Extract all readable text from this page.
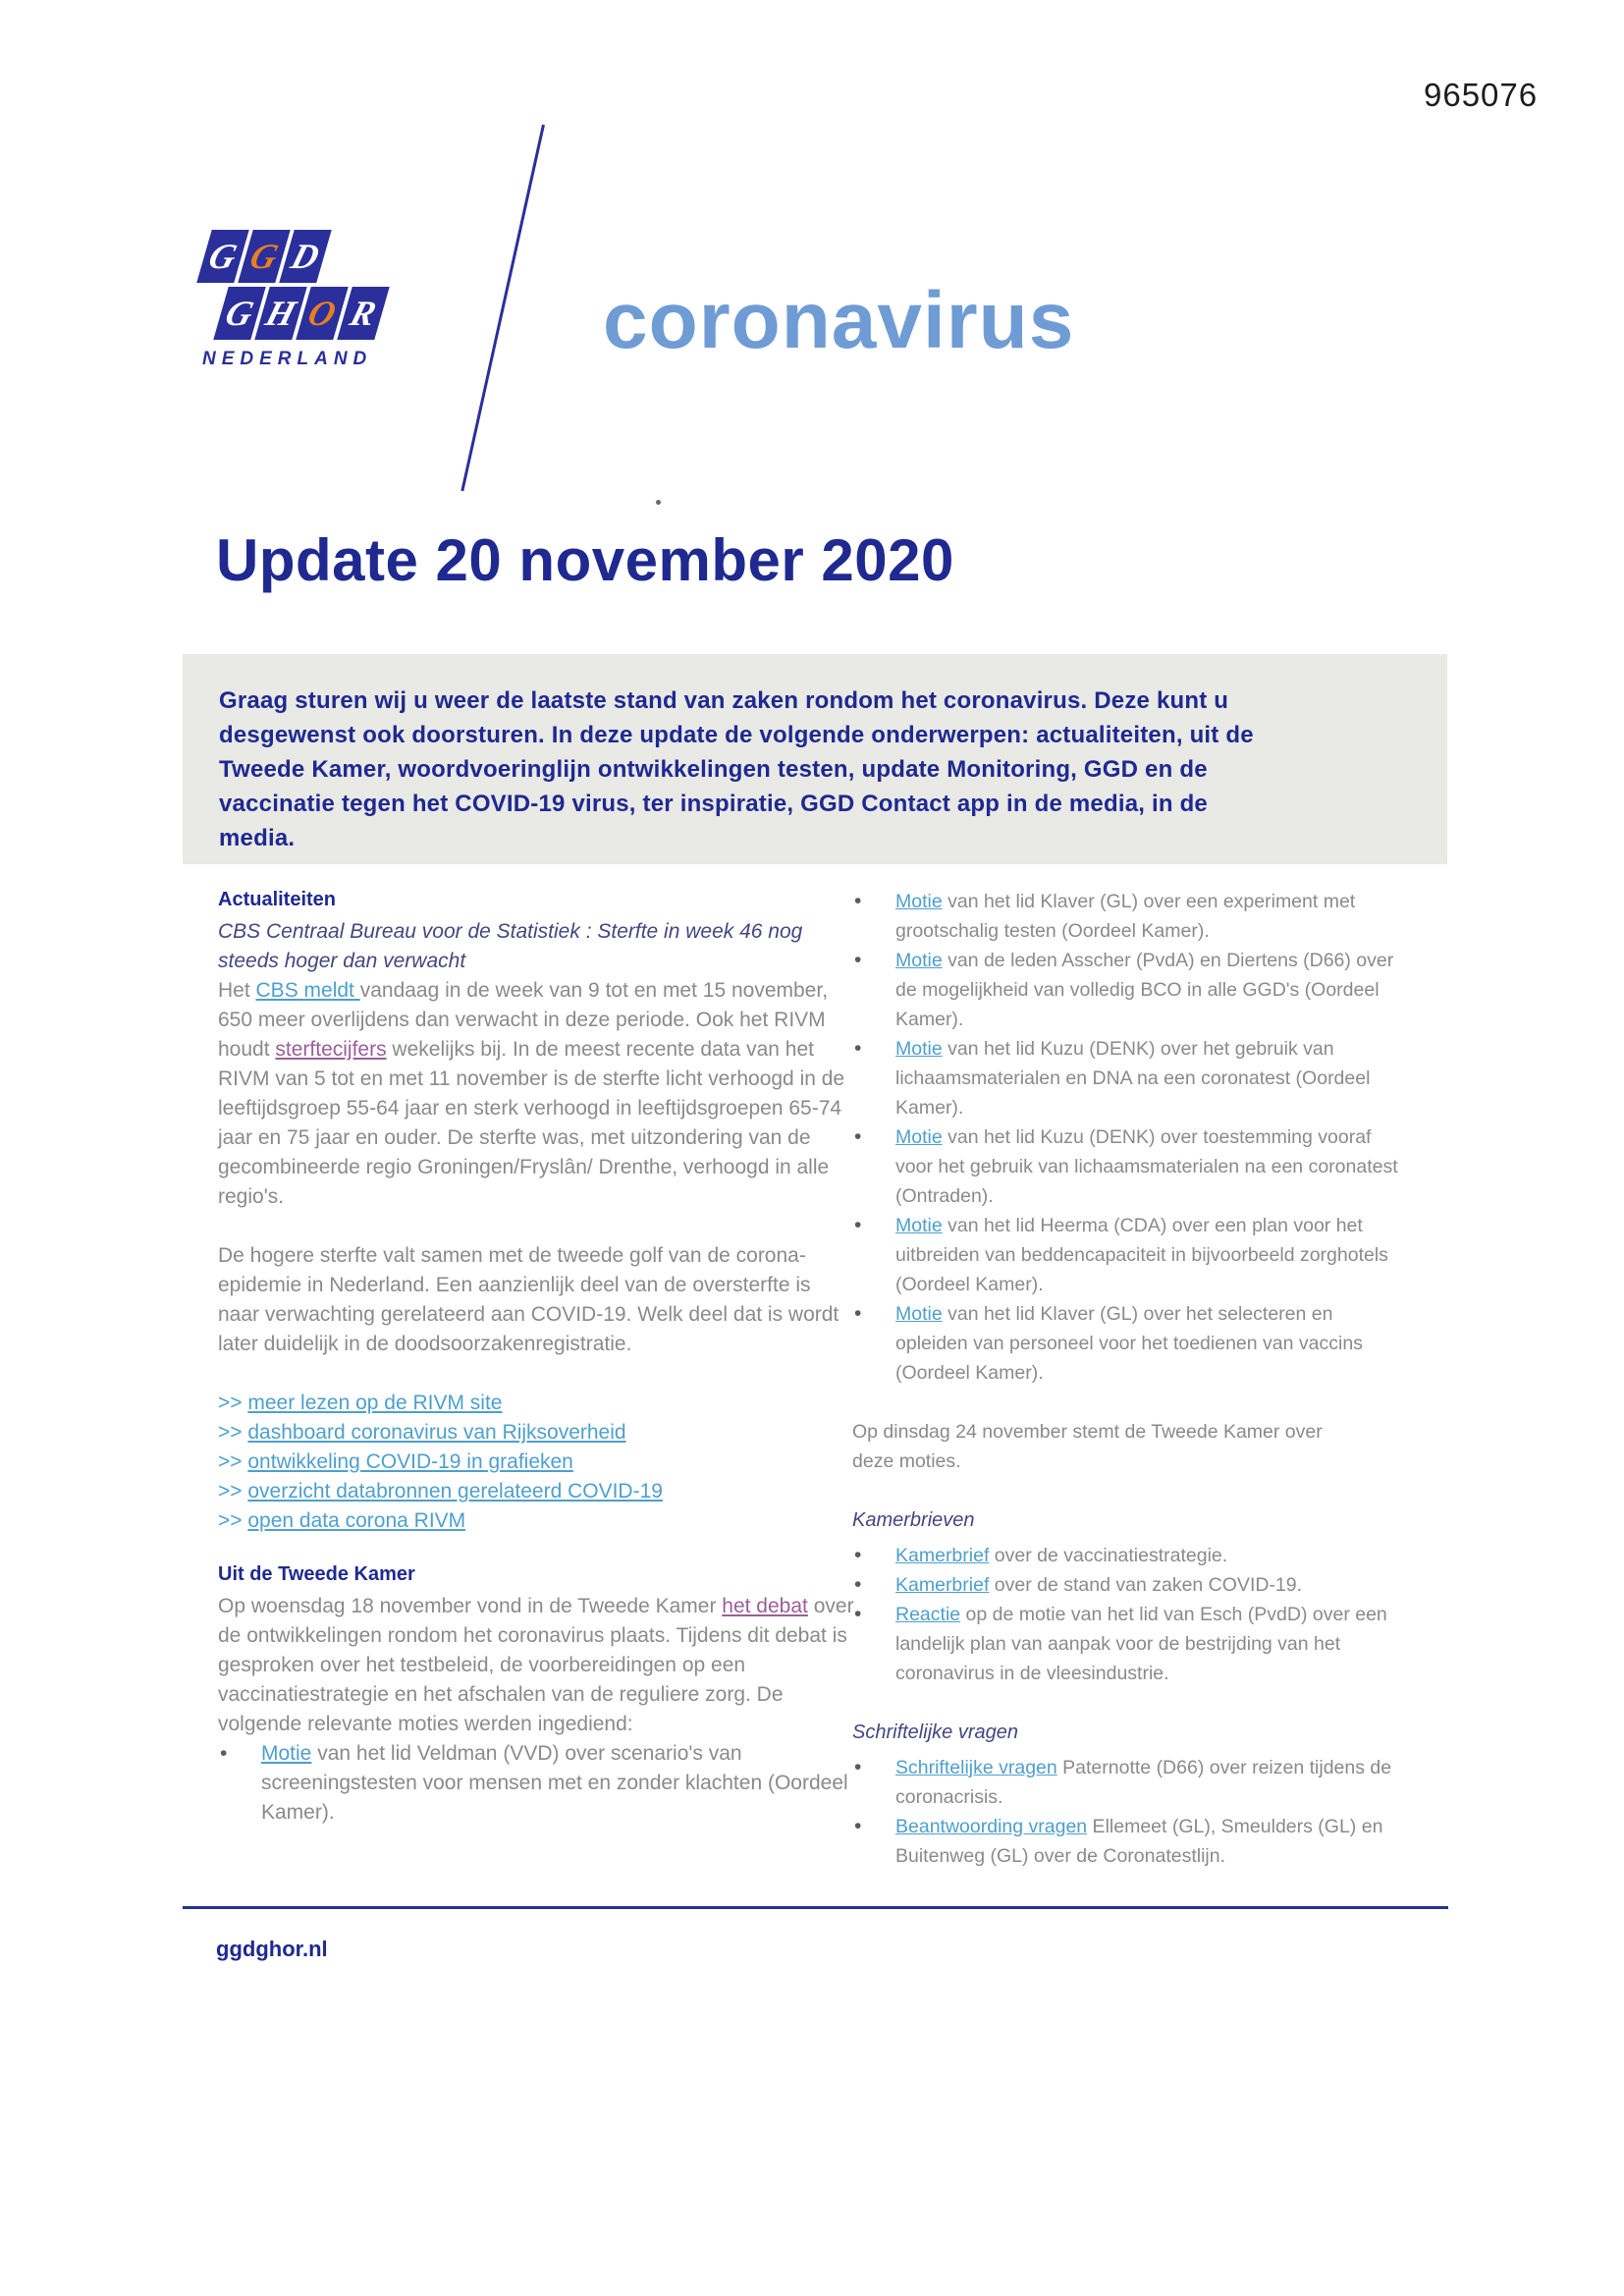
965076
G G D
G H O R
NEDERLAND	coronavirus
Update 20 november 2020

Graag sturen wij u weer de laatste stand van zaken rondom het coronavirus. Deze kunt u desgewenst ook doorsturen. In deze update de volgende onderwerpen: actualiteiten, uit de Tweede Kamer, woordvoeringlijn ontwikkelingen testen, update Monitoring, GGD en de vaccinatie tegen het COVID-19 virus, ter inspiratie, GGD Contact app in de media, in de media.

Actualiteiten
CBS Centraal Bureau voor de Statistiek : Sterfte in week 46 nog steeds hoger dan verwacht

Het CBS meldt vandaag in de week van 9 tot en met 15 november, 650 meer overlijdens dan verwacht in deze periode. Ook het RIVM houdt sterftecijfers wekelijks bij. In de meest recente data van het RIVM van 5 tot en met 11 november is de sterfte licht verhoogd in de leeftijdsgroep 55-64 jaar en sterk verhoogd in leeftijdsgroepen 65-74 jaar en 75 jaar en ouder. De sterfte was, met uitzondering van de gecombineerde regio Groningen/Fryslân/ Drenthe, verhoogd in alle regio's.

De hogere sterfte valt samen met de tweede golf van de corona-epidemie in Nederland. Een aanzienlijk deel van de oversterfte is naar verwachting gerelateerd aan COVID-19. Welk deel dat is wordt later duidelijk in de doodsoorzakenregistratie.

>> meer lezen op de RIVM site
>> dashboard coronavirus van Rijksoverheid
>> ontwikkeling COVID-19 in grafieken
>> overzicht databronnen gerelateerd COVID-19
>> open data corona RIVM
Uit de Tweede Kamer

Op woensdag 18 november vond in de Tweede Kamer het debat over de ontwikkelingen rondom het coronavirus plaats. Tijdens dit debat is gesproken over het testbeleid, de voorbereidingen op een vaccinatiestrategie en het afschalen van de reguliere zorg. De volgende relevante moties werden ingediend:

• Motie van het lid Veldman (VVD) over scenario's van screeningstesten voor mensen met en zonder klachten (Oordeel Kamer).
• Motie van het lid Klaver (GL) over een experiment met grootschalig testen (Oordeel Kamer).
• Motie van de leden Asscher (PvdA) en Diertens (D66) over de mogelijkheid van volledig BCO in alle GGD's (Oordeel Kamer).
• Motie van het lid Kuzu (DENK) over het gebruik van lichaamsmaterialen en DNA na een coronatest (Oordeel Kamer).
• Motie van het lid Kuzu (DENK) over toestemming vooraf voor het gebruik van lichaamsmaterialen na een coronatest (Ontraden).
• Motie van het lid Heerma (CDA) over een plan voor het uitbreiden van beddencapaciteit in bijvoorbeeld zorghotels (Oordeel Kamer).
• Motie van het lid Klaver (GL) over het selecteren en opleiden van personeel voor het toedienen van vaccins (Oordeel Kamer).

Op dinsdag 24 november stemt de Tweede Kamer over deze moties.

Kamerbrieven
• Kamerbrief over de vaccinatiestrategie.
• Kamerbrief over de stand van zaken COVID-19.
• Reactie op de motie van het lid van Esch (PvdD) over een landelijk plan van aanpak voor de bestrijding van het coronavirus in de vleesindustrie.
Schriftelijke vragen
• Schriftelijke vragen Paternotte (D66) over reizen tijdens de coronacrisis.
• Beantwoording vragen Ellemeet (GL), Smeulders (GL) en Buitenweg (GL) over de Coronatestlijn.
ggdghor.nl
